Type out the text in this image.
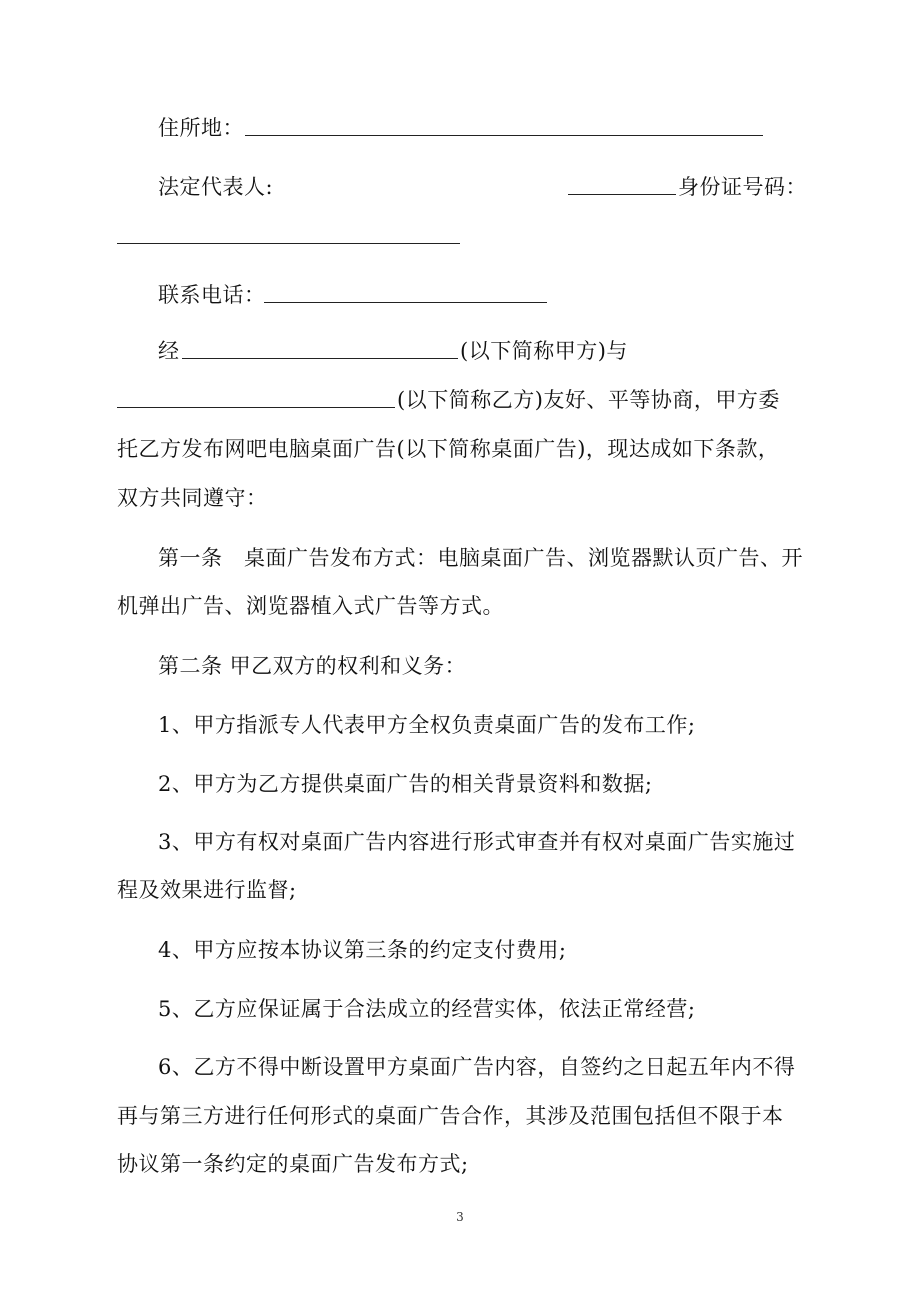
住所地：
法定代表人:	身份证号码：
联系电话：
经	(以下简称甲方)与
(以下简称乙方)友好、平等协商，甲方委
托乙方发布网吧电脑桌面广告(以下简称桌面广告)，现达成如下条款，
双方共同遵守：
第一条　桌面广告发布方式：电脑桌面广告、浏览器默认页广告、开
机弹出广告、浏览器植入式广告等方式。
第二条 甲乙双方的权利和义务：
1、甲方指派专人代表甲方全权负责桌面广告的发布工作;
2、甲方为乙方提供桌面广告的相关背景资料和数据;
3、甲方有权对桌面广告内容进行形式审查并有权对桌面广告实施过
程及效果进行监督;
4、甲方应按本协议第三条的约定支付费用;
5、乙方应保证属于合法成立的经营实体，依法正常经营;
6、乙方不得中断设置甲方桌面广告内容，自签约之日起五年内不得
再与第三方进行任何形式的桌面广告合作，其涉及范围包括但不限于本
协议第一条约定的桌面广告发布方式;
3
